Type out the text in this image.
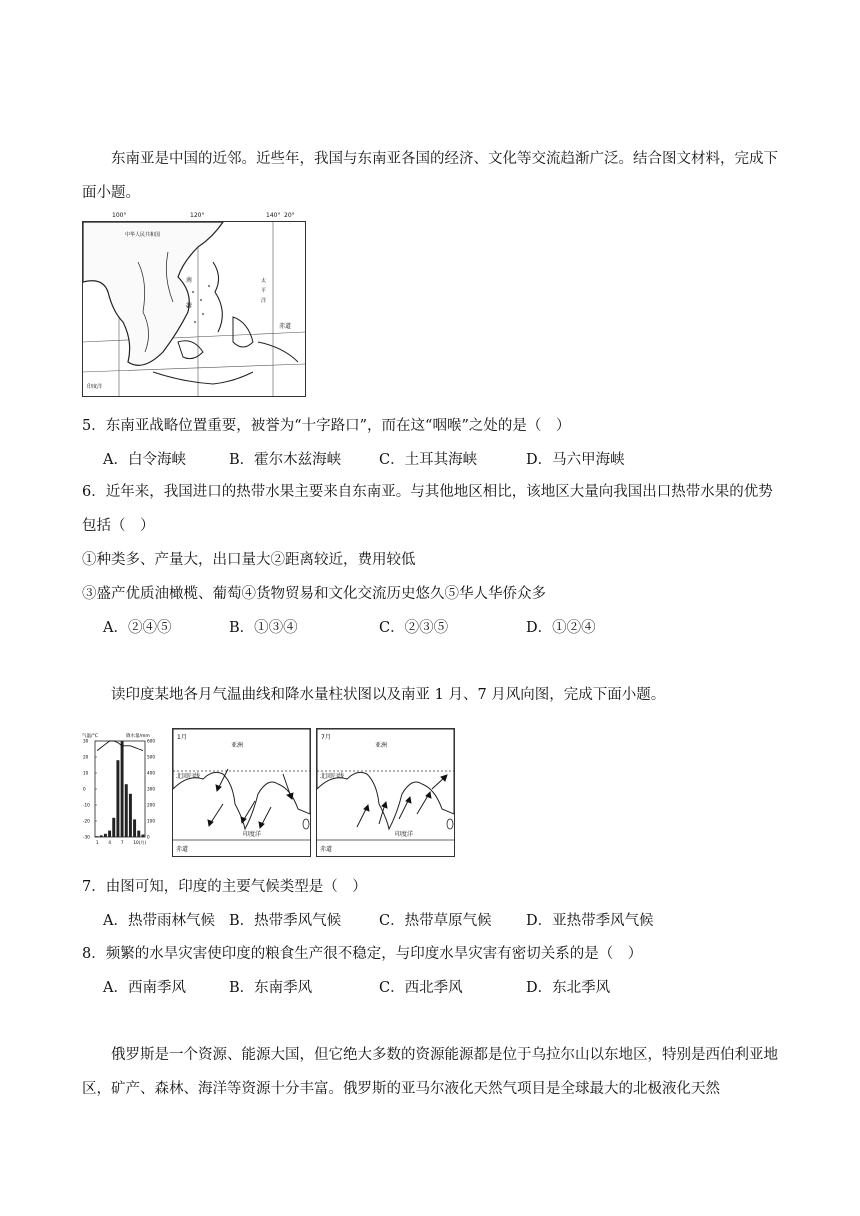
东南亚是中国的近邻。近些年，我国与东南亚各国的经济、文化等交流趋渐广泛。结合图文材料，完成下面小题。

中华人民共和国
南
海
太
平
洋
赤道
印度洋
100°	120°	140° 20°

5．东南亚战略位置重要，被誉为“十字路口”，而在这“咽喉”之处的是（　）

A．白令海峡	B．霍尔木兹海峡	C．土耳其海峡	D．马六甲海峡

6．近年来，我国进口的热带水果主要来自东南亚。与其他地区相比，该地区大量向我国出口热带水果的优势包括（　）

①种类多、产量大，出口量大②距离较近，费用较低

③盛产优质油橄榄、葡萄④货物贸易和文化交流历史悠久⑤华人华侨众多

A．②④⑤	B．①③④	C．②③⑤	D．①②④

读印度某地各月气温曲线和降水量柱状图以及南亚 1 月、7 月风向图，完成下面小题。

气温/°C	降水量/mm
30
20
10
0
-10
-20
-30
600
500
400
300
200
100
0
1 4 7 10(月)
1月
亚洲
北回归线
印度洋
赤道
7月
亚洲
北回归线
印度洋
赤道

7．由图可知，印度的主要气候类型是（　）

A．热带雨林气候 B．热带季风气候	C．热带草原气候 D．亚热带季风气候

8．频繁的水旱灾害使印度的粮食生产很不稳定，与印度水旱灾害有密切关系的是（　）

A．西南季风	B．东南季风	C．西北季风	D．东北季风

俄罗斯是一个资源、能源大国，但它绝大多数的资源能源都是位于乌拉尔山以东地区，特别是西伯利亚地区，矿产、森林、海洋等资源十分丰富。俄罗斯的亚马尔液化天然气项目是全球最大的北极液化天然
